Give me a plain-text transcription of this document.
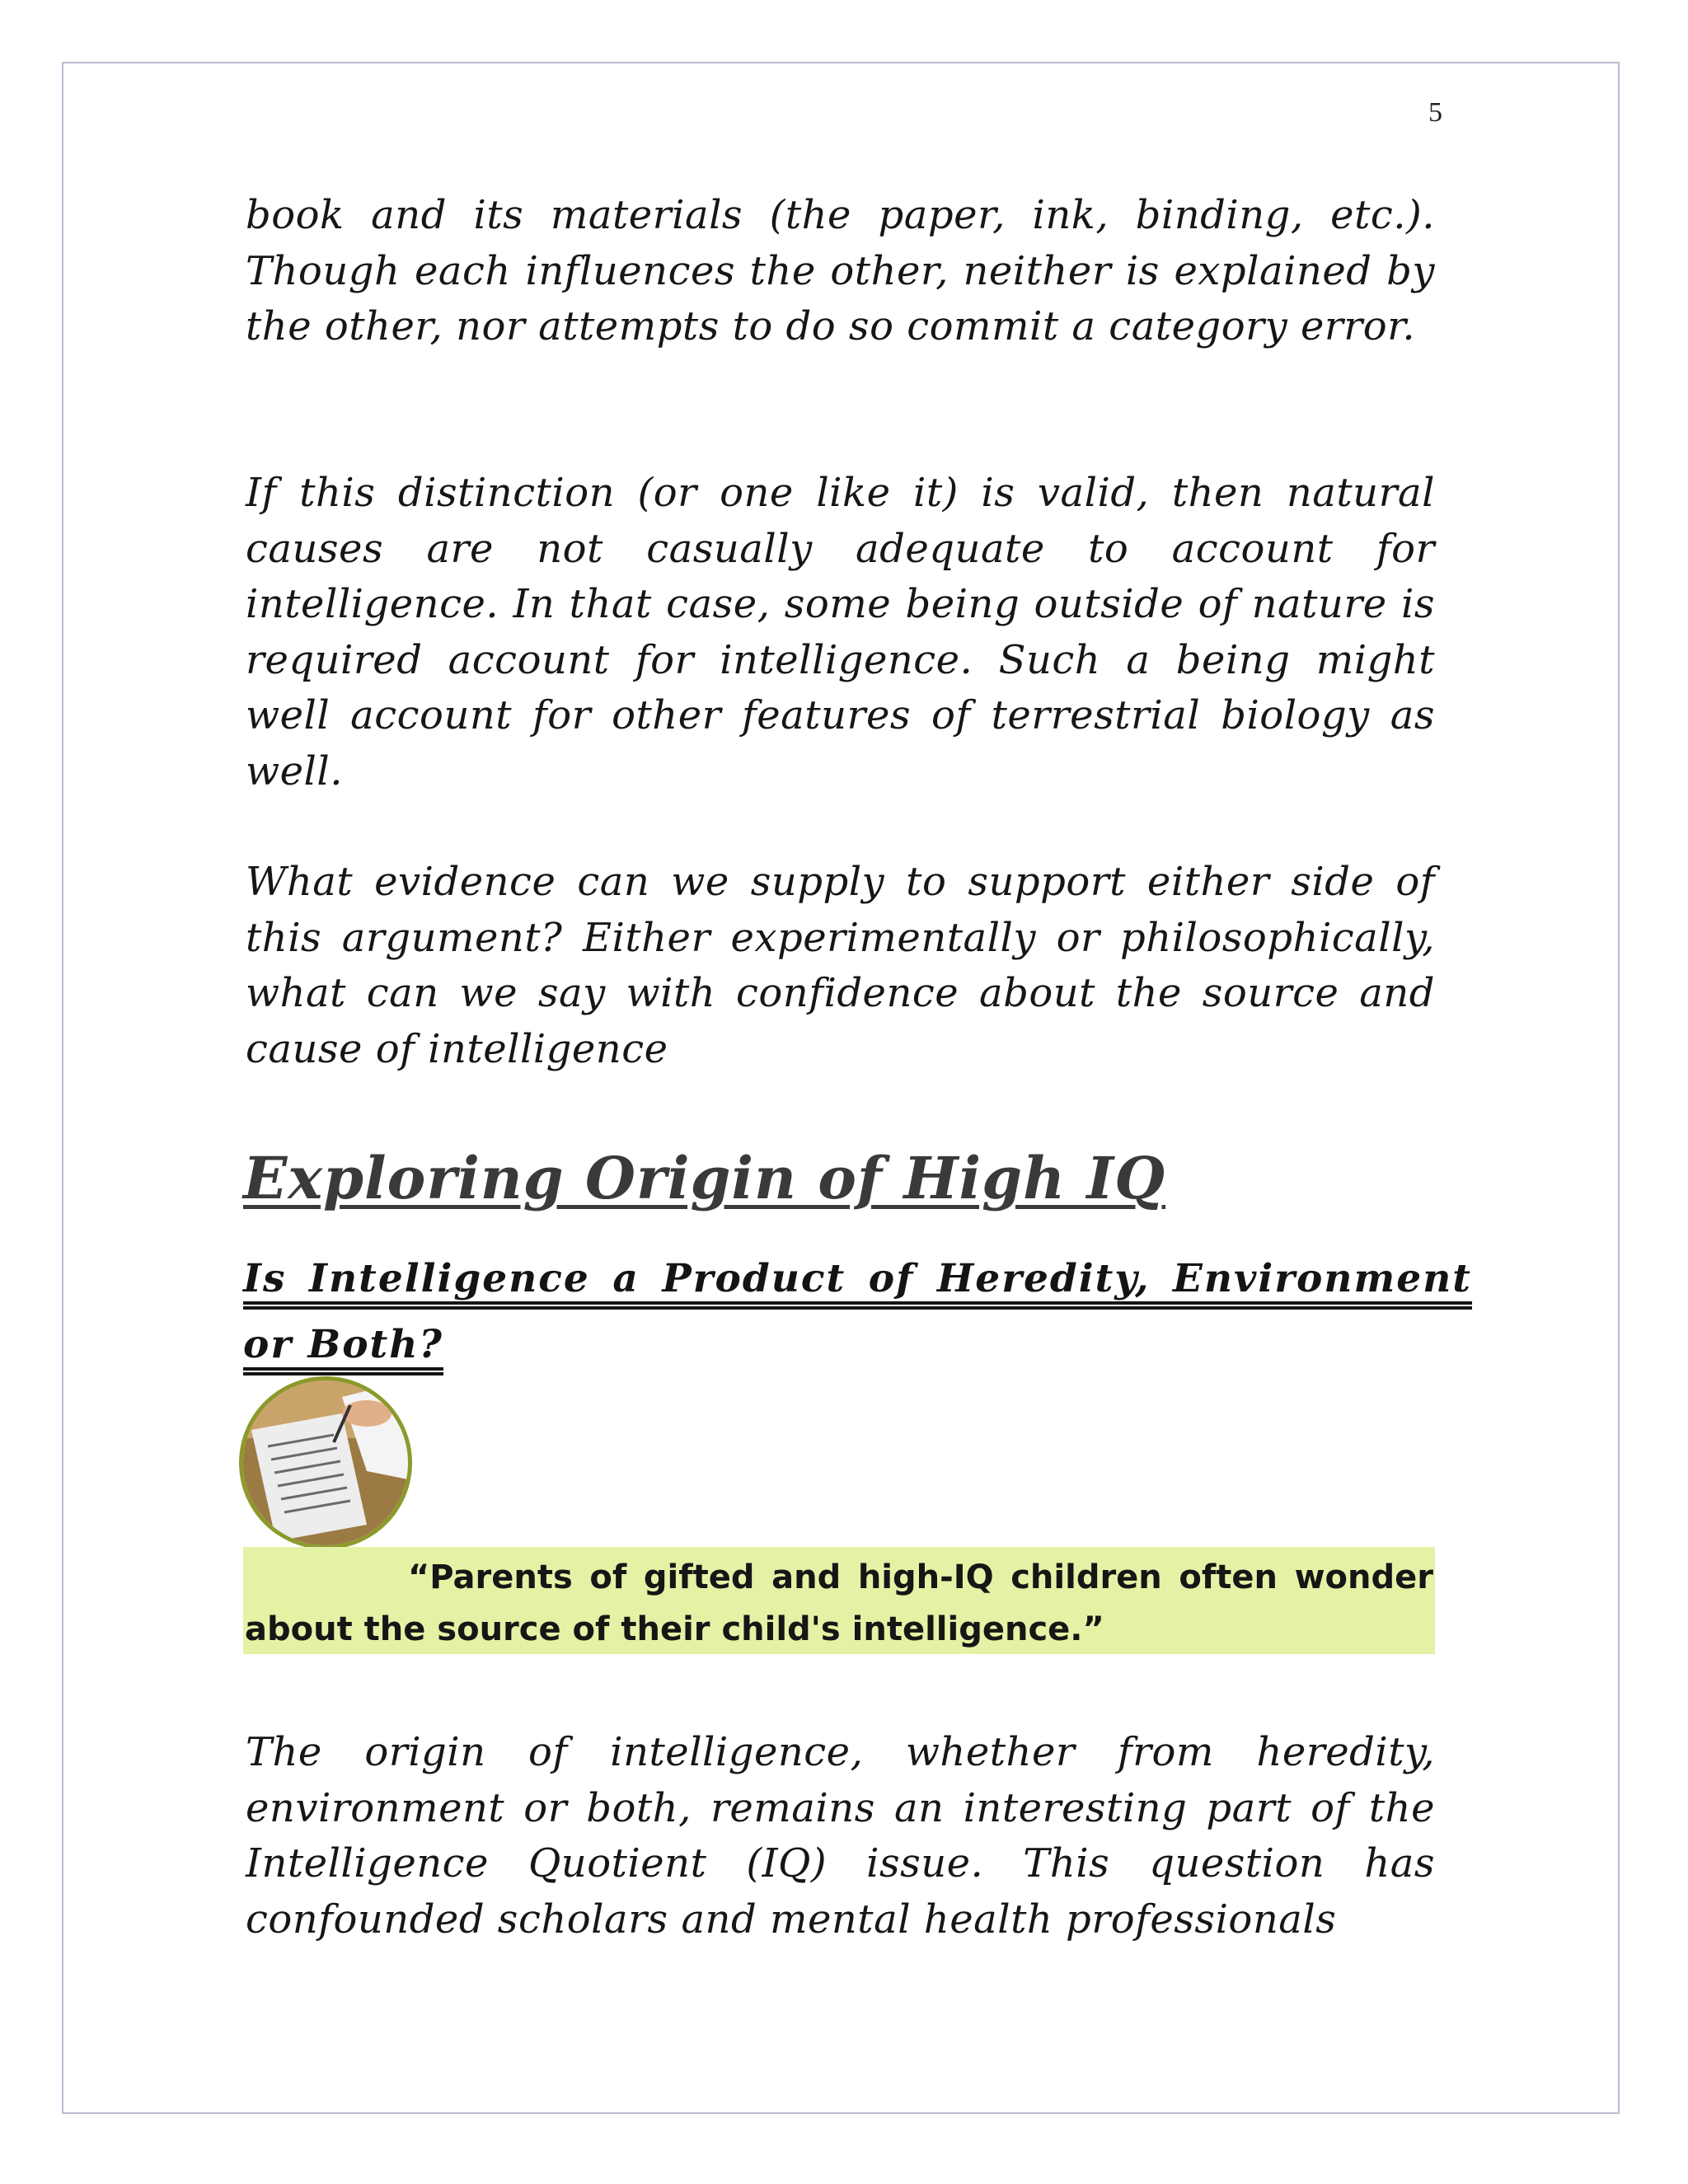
5

book and its materials (the paper, ink, binding, etc.). Though each influences the other, neither is explained by the other, nor attempts to do so commit a category error.

If this distinction (or one like it) is valid, then natural causes are not casually adequate to account for intelligence. In that case, some being outside of nature is required account for intelligence. Such a being might well account for other features of terrestrial biology as well.

What evidence can we supply to support either side of this argument? Either experimentally or philosophically, what can we say with confidence about the source and cause of intelligence

Exploring Origin of High IQ
Is Intelligence a Product of Heredity, Environment or Both?

“Parents of gifted and high-IQ children often wonder about the source of their child's intelligence.”

The origin of intelligence, whether from heredity, environment or both, remains an interesting part of the Intelligence Quotient (IQ) issue. This question has confounded scholars and mental health professionals
